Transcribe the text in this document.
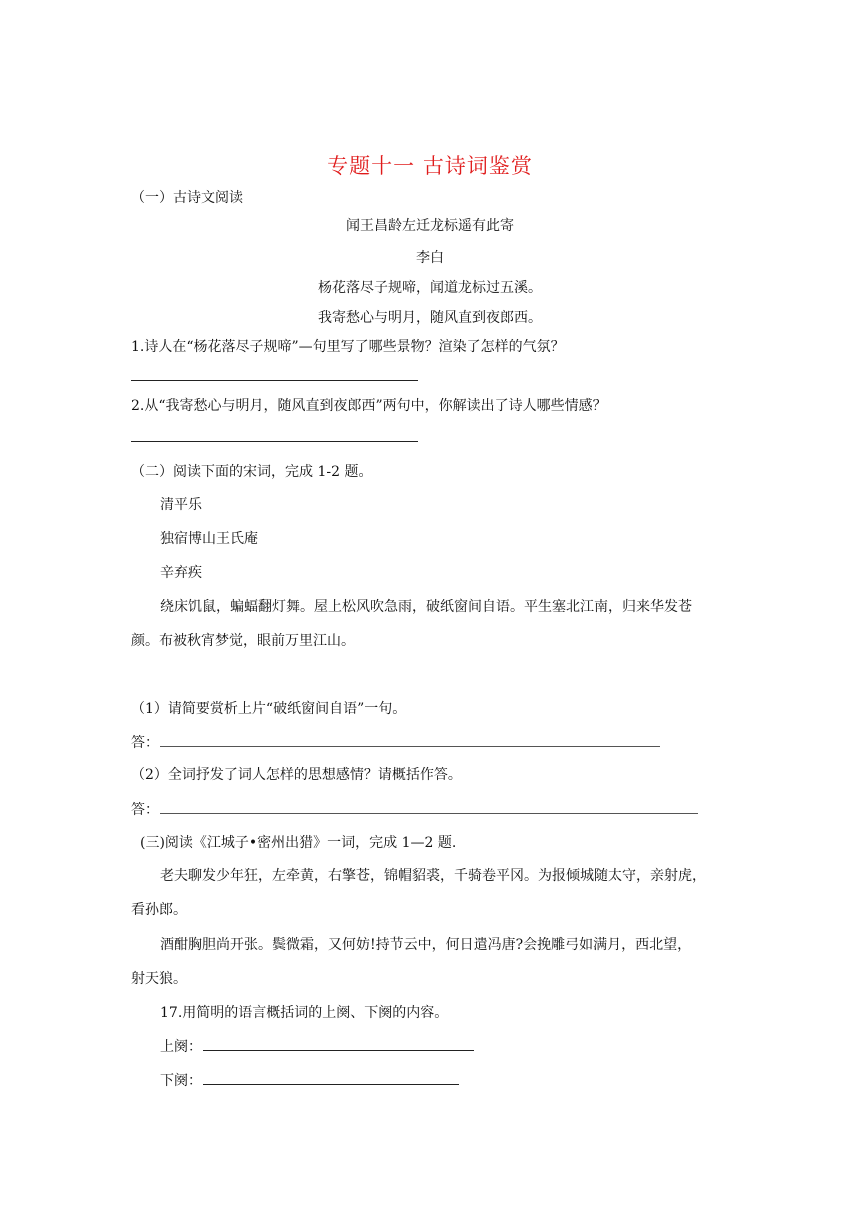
专题十一 古诗词鉴赏
（一）古诗文阅读
闻王昌龄左迁龙标遥有此寄
李白
杨花落尽子规啼，闻道龙标过五溪。
我寄愁心与明月，随风直到夜郎西。
1.诗人在“杨花落尽子规啼”—句里写了哪些景物？渲染了怎样的气氛？
2.从“我寄愁心与明月，随风直到夜郎西”两句中，你解读出了诗人哪些情感？
（二）阅读下面的宋词，完成 1-2 题。
清平乐
独宿博山王氏庵
辛弃疾
绕床饥鼠，蝙蝠翻灯舞。屋上松风吹急雨，破纸窗间自语。平生塞北江南，归来华发苍
颜。布被秋宵梦觉，眼前万里江山。
（1）请简要赏析上片“破纸窗间自语”一句。
答：
（2）全词抒发了词人怎样的思想感情？请概括作答。
答：
(三)阅读《江城子•密州出猎》一词，完成 1—2 题.
老夫聊发少年狂，左牵黄，右擎苍，锦帽貂裘，千骑卷平冈。为报倾城随太守，亲射虎，
看孙郎。
酒酣胸胆尚开张。鬓微霜，又何妨!持节云中，何日遣冯唐?会挽雕弓如满月，西北望，
射天狼。
17.用简明的语言概括词的上阕、下阕的内容。
上阕：
下阕：
